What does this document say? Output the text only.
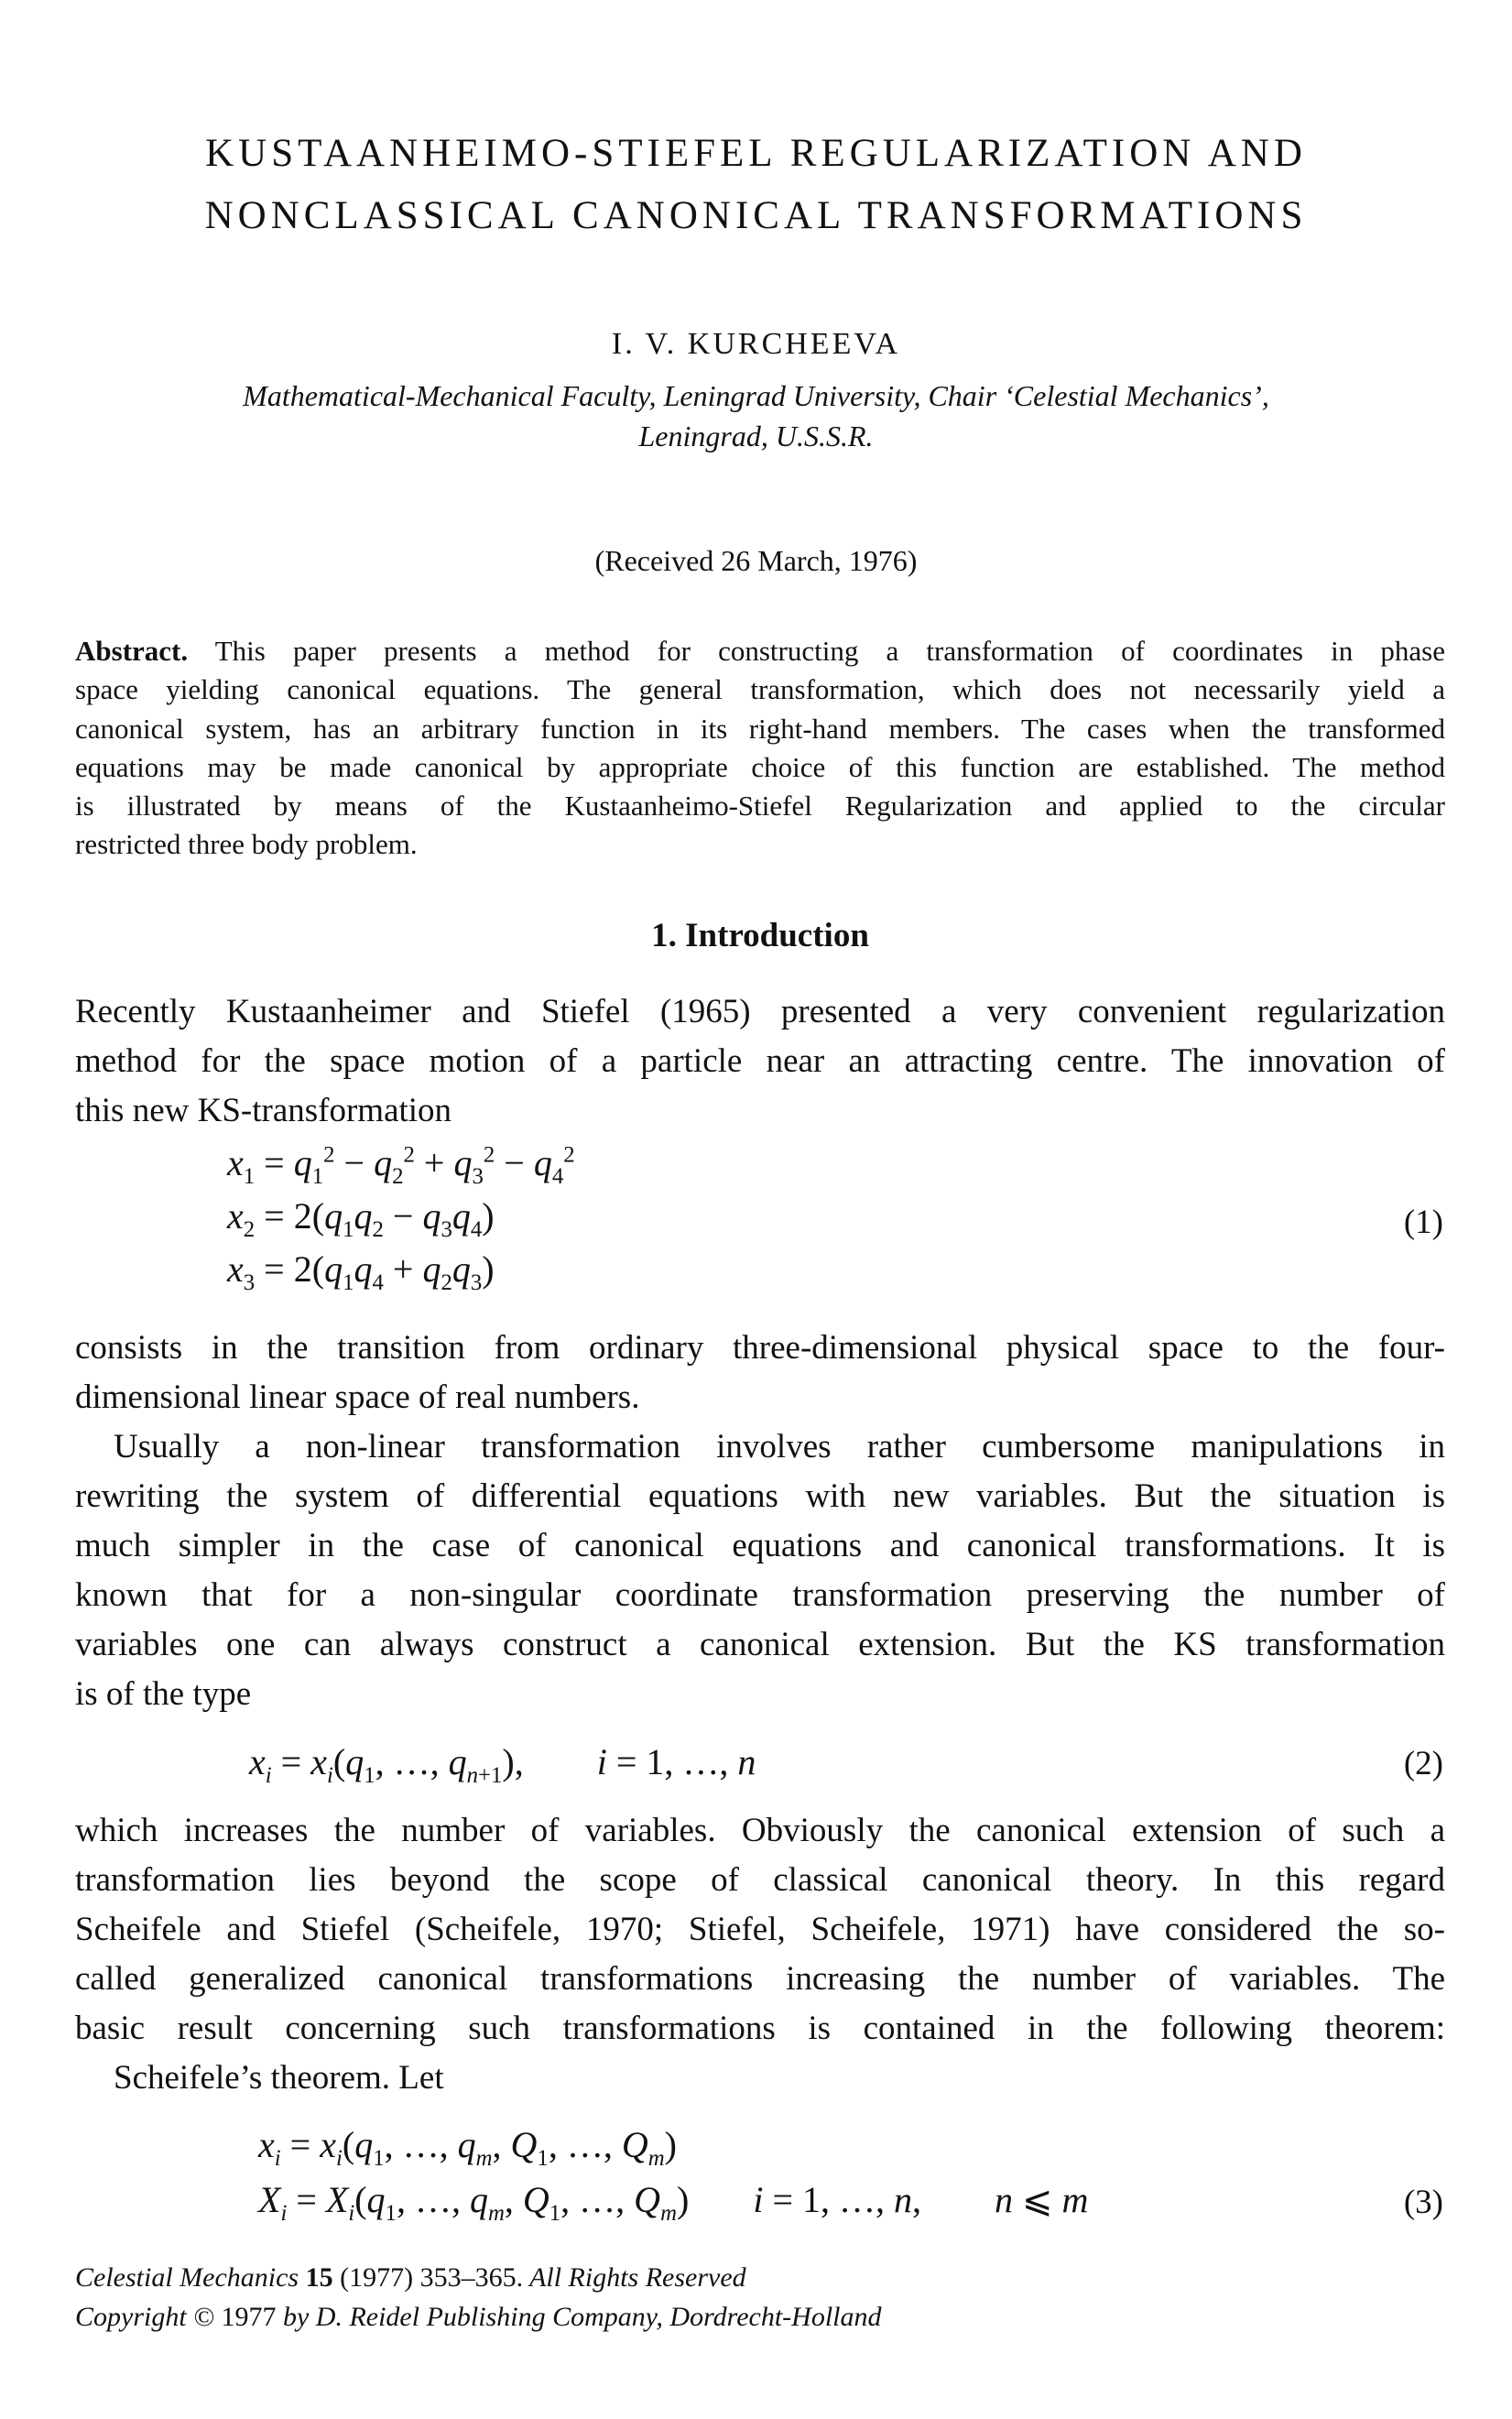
KUSTAANHEIMO-STIEFEL REGULARIZATION AND
NONCLASSICAL CANONICAL TRANSFORMATIONS
I. V. KURCHEEVA
Mathematical-Mechanical Faculty, Leningrad University, Chair ‘Celestial Mechanics’,
Leningrad, U.S.S.R.
(Received 26 March, 1976)
Abstract. This paper presents a method for constructing a transformation of coordinates in phase
space yielding canonical equations. The general transformation, which does not necessarily yield a
canonical system, has an arbitrary function in its right-hand members. The cases when the transformed
equations may be made canonical by appropriate choice of this function are established. The method
is illustrated by means of the Kustaanheimo-Stiefel Regularization and applied to the circular
restricted three body problem.
1. Introduction
Recently Kustaanheimer and Stiefel (1965) presented a very convenient regularization
method for the space motion of a particle near an attracting centre. The innovation of
this new KS-transformation
$x_1 = q_1^2 - q_2^2 + q_3^2 - q_4^2$
$x_2 = 2(q_1q_2 - q_3q_4)$
$x_3 = 2(q_1q_4 + q_2q_3)$
(1)
consists in the transition from ordinary three-dimensional physical space to the four-
dimensional linear space of real numbers.
Usually a non-linear transformation involves rather cumbersome manipulations in
rewriting the system of differential equations with new variables. But the situation is
much simpler in the case of canonical equations and canonical transformations. It is
known that for a non-singular coordinate transformation preserving the number of
variables one can always construct a canonical extension. But the KS transformation
is of the type
$x_i = x_i(q_1$, …, $q_{n+1}$),        i = 1, …, n	(2)
which increases the number of variables. Obviously the canonical extension of such a
transformation lies beyond the scope of classical canonical theory. In this regard
Scheifele and Stiefel (Scheifele, 1970; Stiefel, Scheifele, 1971) have considered the so-
called generalized canonical transformations increasing the number of variables. The
basic result concerning such transformations is contained in the following theorem:
Scheifele’s theorem. Let
$x_i = x_i(q_1$, …, $q_m$, $Q_1$, …, $Q_m$)
$X_i = X_i(q_1$, …, $q_m$, $Q_1$, …, $Q_m$)       i = 1, …, n,        n ⩽ m	(3)
Celestial Mechanics 15 (1977) 353–365. All Rights Reserved
Copyright © 1977 by D. Reidel Publishing Company, Dordrecht-Holland
